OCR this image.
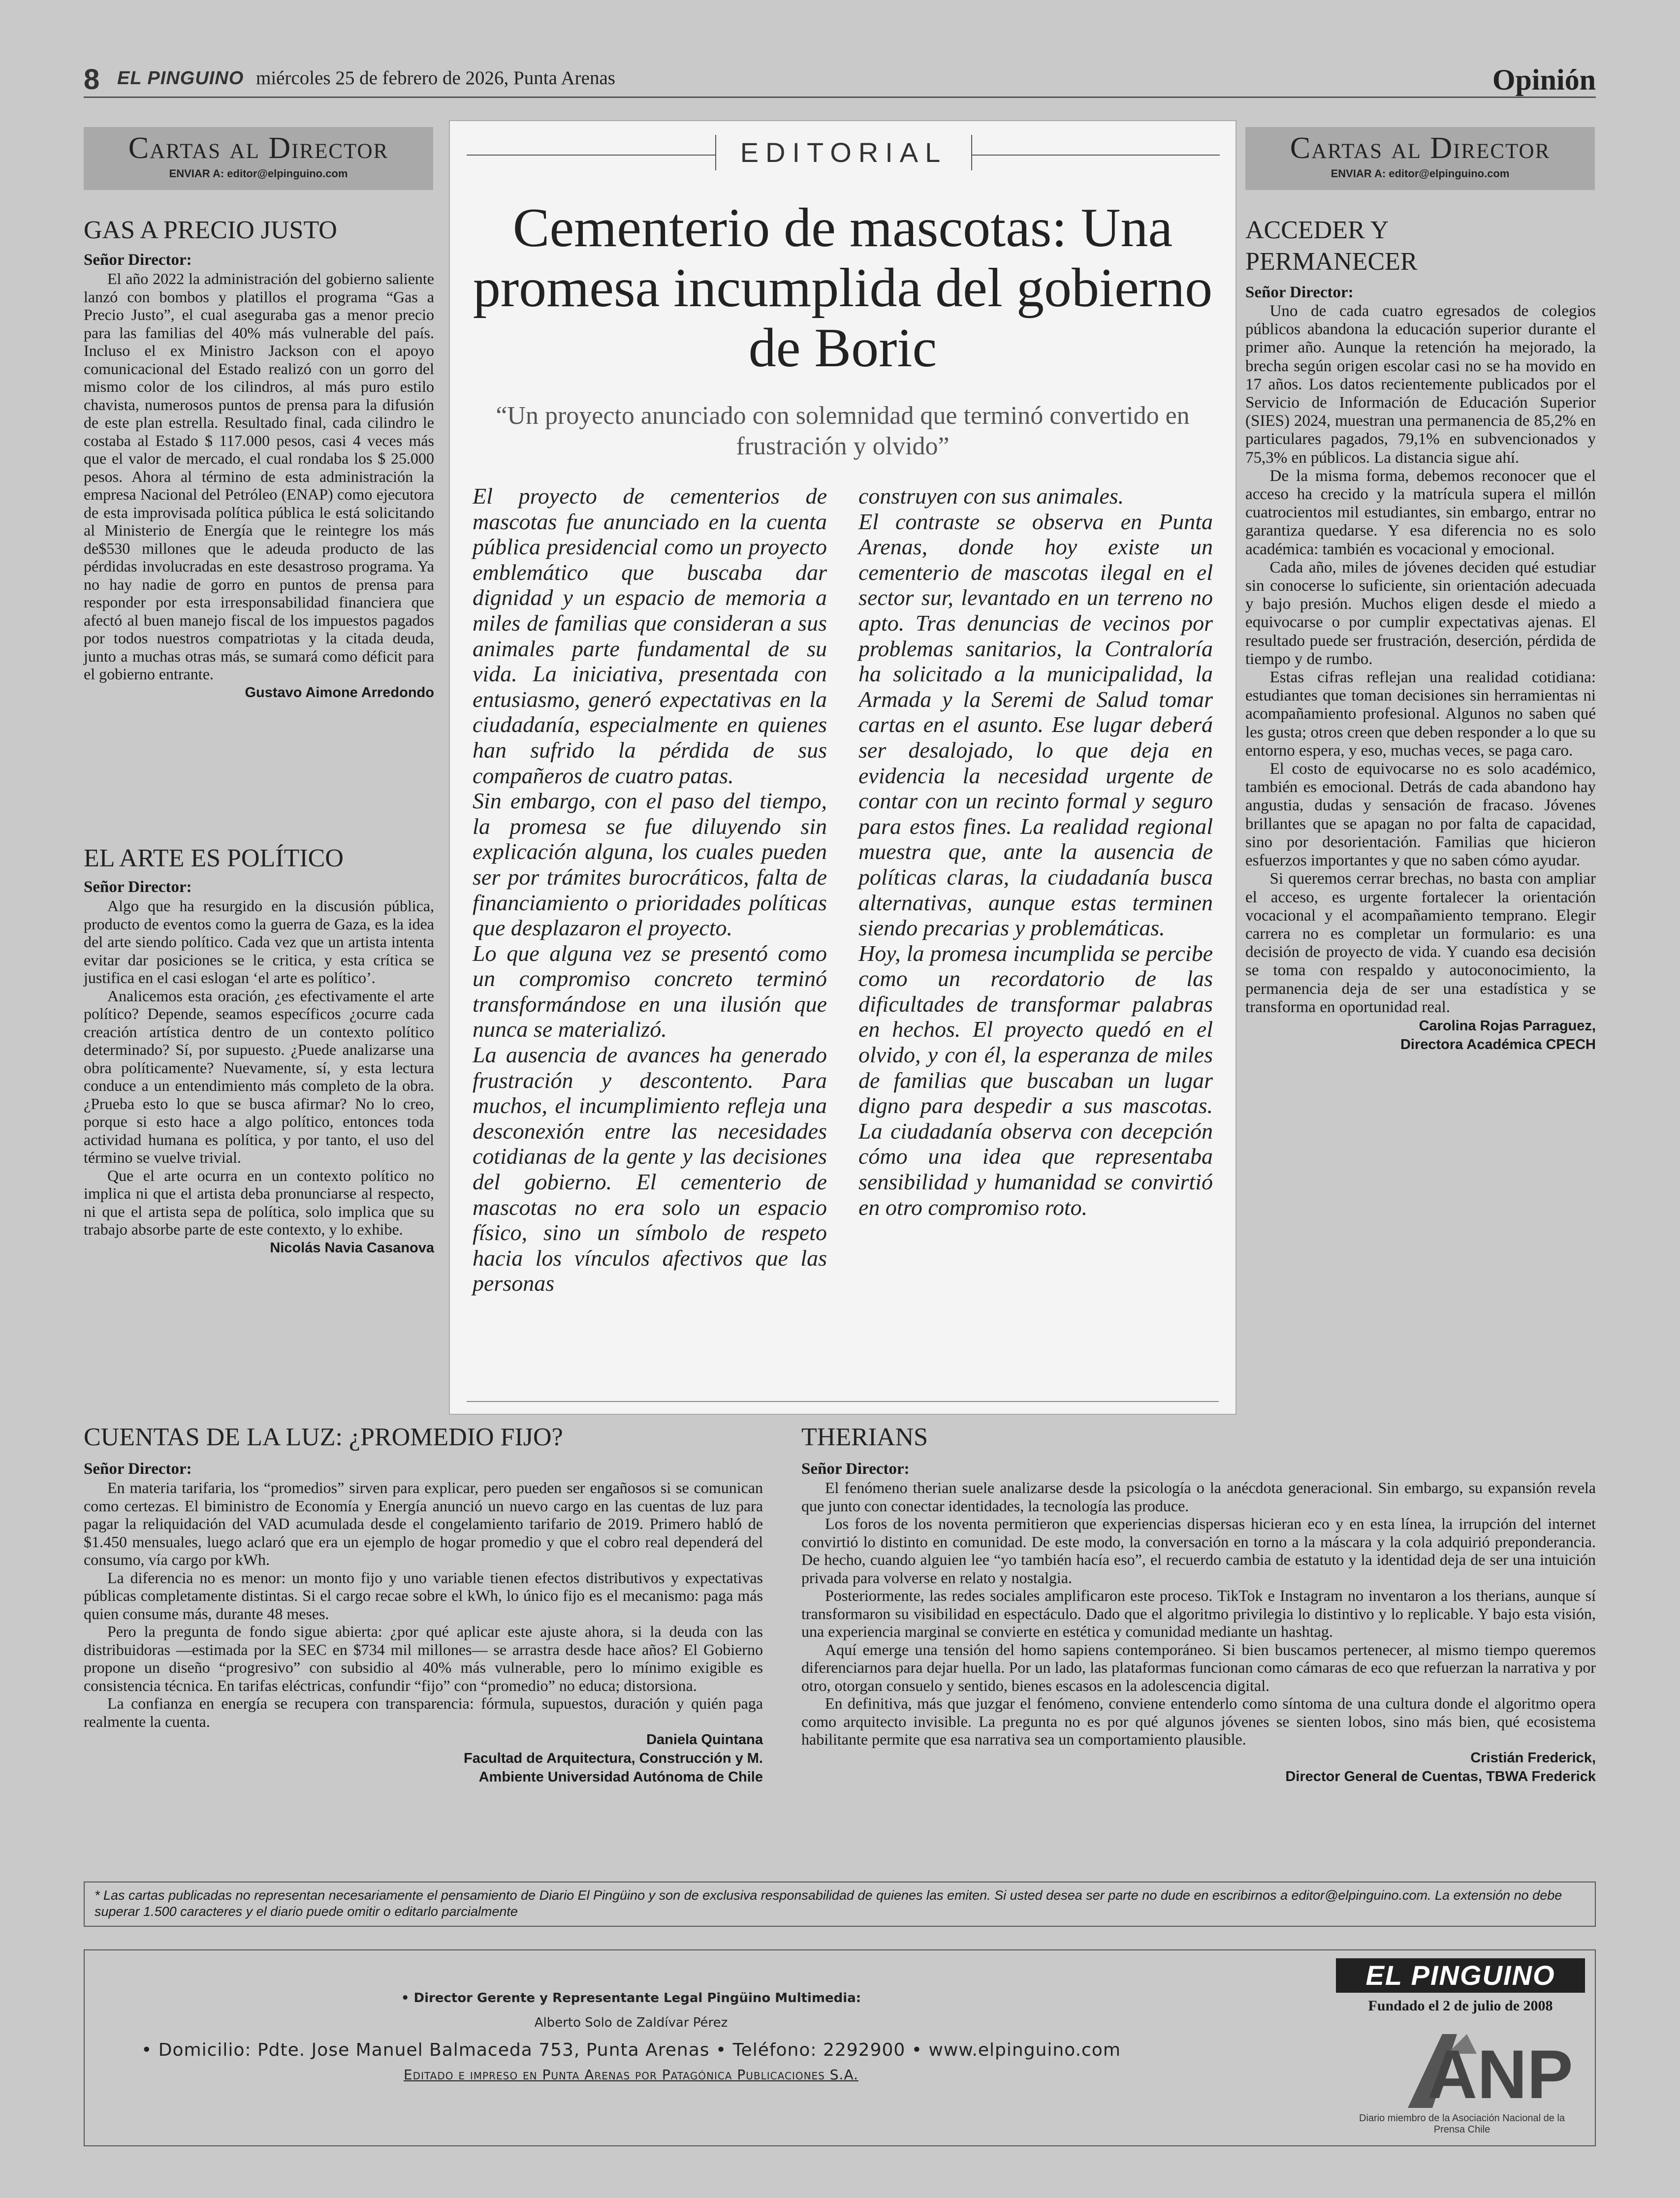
8 EL PINGUINO miércoles 25 de febrero de 2026, Punta Arenas	Opinión
Cartas al Director
ENVIAR A: editor@elpinguino.com
GAS A PRECIO JUSTO
Señor Director:

El año 2022 la administración del gobierno saliente lanzó con bombos y platillos el programa “Gas a Precio Justo”, el cual aseguraba gas a menor precio para las familias del 40% más vulnerable del país. Incluso el ex Ministro Jackson con el apoyo comunicacional del Estado realizó con un gorro del mismo color de los cilindros, al más puro estilo chavista, numerosos puntos de prensa para la difusión de este plan estrella. Resultado final, cada cilindro le costaba al Estado $ 117.000 pesos, casi 4 veces más que el valor de mercado, el cual rondaba los $ 25.000 pesos. Ahora al término de esta administración la empresa Nacional del Petróleo (ENAP) como ejecutora de esta improvisada política pública le está solicitando al Ministerio de Energía que le reintegre los más de$530 millones que le adeuda producto de las pérdidas involucradas en este desastroso programa. Ya no hay nadie de gorro en puntos de prensa para responder por esta irresponsabilidad financiera que afectó al buen manejo fiscal de los impuestos pagados por todos nuestros compatriotas y la citada deuda, junto a muchas otras más, se sumará como déficit para el gobierno entrante.

Gustavo Aimone Arredondo
EL ARTE ES POLÍTICO
Señor Director:

Algo que ha resurgido en la discusión pública, producto de eventos como la guerra de Gaza, es la idea del arte siendo político. Cada vez que un artista intenta evitar dar posiciones se le critica, y esta crítica se justifica en el casi eslogan ‘el arte es político’.

Analicemos esta oración, ¿es efectivamente el arte político? Depende, seamos específicos ¿ocurre cada creación artística dentro de un contexto político determinado? Sí, por supuesto. ¿Puede analizarse una obra políticamente? Nuevamente, sí, y esta lectura conduce a un entendimiento más completo de la obra. ¿Prueba esto lo que se busca afirmar? No lo creo, porque si esto hace a algo político, entonces toda actividad humana es política, y por tanto, el uso del término se vuelve trivial.

Que el arte ocurra en un contexto político no implica ni que el artista deba pronunciarse al respecto, ni que el artista sepa de política, solo implica que su trabajo absorbe parte de este contexto, y lo exhibe.

Nicolás Navia Casanova
EDITORIAL
Cementerio de mascotas: Una promesa incumplida del gobierno de Boric
“Un proyecto anunciado con solemnidad que terminó convertido en frustración y olvido”

El proyecto de cementerios de mascotas fue anunciado en la cuenta pública presidencial como un proyecto emblemático que buscaba dar dignidad y un espacio de memoria a miles de familias que consideran a sus animales parte fundamental de su vida. La iniciativa, presentada con entusiasmo, generó expectativas en la ciudadanía, especialmente en quienes han sufrido la pérdida de sus compañeros de cuatro patas.

Sin embargo, con el paso del tiempo, la promesa se fue diluyendo sin explicación alguna, los cuales pueden ser por trámites burocráticos, falta de financiamiento o prioridades políticas que desplazaron el proyecto.

Lo que alguna vez se presentó como un compromiso concreto terminó transformándose en una ilusión que nunca se materializó.

La ausencia de avances ha generado frustración y descontento. Para muchos, el incumplimiento refleja una desconexión entre las necesidades cotidianas de la gente y las decisiones del gobierno. El cementerio de mascotas no era solo un espacio físico, sino un símbolo de respeto hacia los vínculos afectivos que las personas

construyen con sus animales.

El contraste se observa en Punta Arenas, donde hoy existe un cementerio de mascotas ilegal en el sector sur, levantado en un terreno no apto. Tras denuncias de vecinos por problemas sanitarios, la Contraloría ha solicitado a la municipalidad, la Armada y la Seremi de Salud tomar cartas en el asunto. Ese lugar deberá ser desalojado, lo que deja en evidencia la necesidad urgente de contar con un recinto formal y seguro para estos fines. La realidad regional muestra que, ante la ausencia de políticas claras, la ciudadanía busca alternativas, aunque estas terminen siendo precarias y problemáticas.

Hoy, la promesa incumplida se percibe como un recordatorio de las dificultades de transformar palabras en hechos. El proyecto quedó en el olvido, y con él, la esperanza de miles de familias que buscaban un lugar digno para despedir a sus mascotas. La ciudadanía observa con decepción cómo una idea que representaba sensibilidad y humanidad se convirtió en otro compromiso roto.

Cartas al Director
ENVIAR A: editor@elpinguino.com
ACCEDER Y PERMANECER
Señor Director:

Uno de cada cuatro egresados de colegios públicos abandona la educación superior durante el primer año. Aunque la retención ha mejorado, la brecha según origen escolar casi no se ha movido en 17 años. Los datos recientemente publicados por el Servicio de Información de Educación Superior (SIES) 2024, muestran una permanencia de 85,2% en particulares pagados, 79,1% en subvencionados y 75,3% en públicos. La distancia sigue ahí.

De la misma forma, debemos reconocer que el acceso ha crecido y la matrícula supera el millón cuatrocientos mil estudiantes, sin embargo, entrar no garantiza quedarse. Y esa diferencia no es solo académica: también es vocacional y emocional.

Cada año, miles de jóvenes deciden qué estudiar sin conocerse lo suficiente, sin orientación adecuada y bajo presión. Muchos eligen desde el miedo a equivocarse o por cumplir expectativas ajenas. El resultado puede ser frustración, deserción, pérdida de tiempo y de rumbo.

Estas cifras reflejan una realidad cotidiana: estudiantes que toman decisiones sin herramientas ni acompañamiento profesional. Algunos no saben qué les gusta; otros creen que deben responder a lo que su entorno espera, y eso, muchas veces, se paga caro.

El costo de equivocarse no es solo académico, también es emocional. Detrás de cada abandono hay angustia, dudas y sensación de fracaso. Jóvenes brillantes que se apagan no por falta de capacidad, sino por desorientación. Familias que hicieron esfuerzos importantes y que no saben cómo ayudar.

Si queremos cerrar brechas, no basta con ampliar el acceso, es urgente fortalecer la orientación vocacional y el acompañamiento temprano. Elegir carrera no es completar un formulario: es una decisión de proyecto de vida. Y cuando esa decisión se toma con respaldo y autoconocimiento, la permanencia deja de ser una estadística y se transforma en oportunidad real.

Carolina Rojas Parraguez,
Directora Académica CPECH
CUENTAS DE LA LUZ: ¿PROMEDIO FIJO?
Señor Director:

En materia tarifaria, los “promedios” sirven para explicar, pero pueden ser engañosos si se comunican como certezas. El biministro de Economía y Energía anunció un nuevo cargo en las cuentas de luz para pagar la reliquidación del VAD acumulada desde el congelamiento tarifario de 2019. Primero habló de $1.450 mensuales, luego aclaró que era un ejemplo de hogar promedio y que el cobro real dependerá del consumo, vía cargo por kWh.

La diferencia no es menor: un monto fijo y uno variable tienen efectos distributivos y expectativas públicas completamente distintas. Si el cargo recae sobre el kWh, lo único fijo es el mecanismo: paga más quien consume más, durante 48 meses.

Pero la pregunta de fondo sigue abierta: ¿por qué aplicar este ajuste ahora, si la deuda con las distribuidoras —estimada por la SEC en $734 mil millones— se arrastra desde hace años? El Gobierno propone un diseño “progresivo” con subsidio al 40% más vulnerable, pero lo mínimo exigible es consistencia técnica. En tarifas eléctricas, confundir “fijo” con “promedio” no educa; distorsiona.

La confianza en energía se recupera con transparencia: fórmula, supuestos, duración y quién paga realmente la cuenta.

Daniela Quintana
Facultad de Arquitectura, Construcción y M.
Ambiente Universidad Autónoma de Chile
THERIANS
Señor Director:

El fenómeno therian suele analizarse desde la psicología o la anécdota generacional. Sin embargo, su expansión revela que junto con conectar identidades, la tecnología las produce.

Los foros de los noventa permitieron que experiencias dispersas hicieran eco y en esta línea, la irrupción del internet convirtió lo distinto en comunidad. De este modo, la conversación en torno a la máscara y la cola adquirió preponderancia. De hecho, cuando alguien lee “yo también hacía eso”, el recuerdo cambia de estatuto y la identidad deja de ser una intuición privada para volverse en relato y nostalgia.

Posteriormente, las redes sociales amplificaron este proceso. TikTok e Instagram no inventaron a los therians, aunque sí transformaron su visibilidad en espectáculo. Dado que el algoritmo privilegia lo distintivo y lo replicable. Y bajo esta visión, una experiencia marginal se convierte en estética y comunidad mediante un hashtag.

Aquí emerge una tensión del homo sapiens contemporáneo. Si bien buscamos pertenecer, al mismo tiempo queremos diferenciarnos para dejar huella. Por un lado, las plataformas funcionan como cámaras de eco que refuerzan la narrativa y por otro, otorgan consuelo y sentido, bienes escasos en la adolescencia digital.

En definitiva, más que juzgar el fenómeno, conviene entenderlo como síntoma de una cultura donde el algoritmo opera como arquitecto invisible. La pregunta no es por qué algunos jóvenes se sienten lobos, sino más bien, qué ecosistema habilitante permite que esa narrativa sea un comportamiento plausible.

Cristián Frederick,
Director General de Cuentas, TBWA Frederick
* Las cartas publicadas no representan necesariamente el pensamiento de Diario El Pingüino y son de exclusiva responsabilidad de quienes las emiten. Si usted desea ser parte no dude en escribirnos a editor@elpinguino.com. La extensión no debe superar 1.500 caracteres y el diario puede omitir o editarlo parcialmente
• Director Gerente y Representante Legal Pingüino Multimedia:
Alberto Solo de Zaldívar Pérez
• Domicilio: Pdte. Jose Manuel Balmaceda 753, Punta Arenas • Teléfono: 2292900 • www.elpinguino.com
Editado e impreso en Punta Arenas por Patagónica Publicaciones S.A.
EL PINGUINO
Fundado el 2 de julio de 2008
ANP
Diario miembro de la Asociación Nacional de la Prensa Chile
